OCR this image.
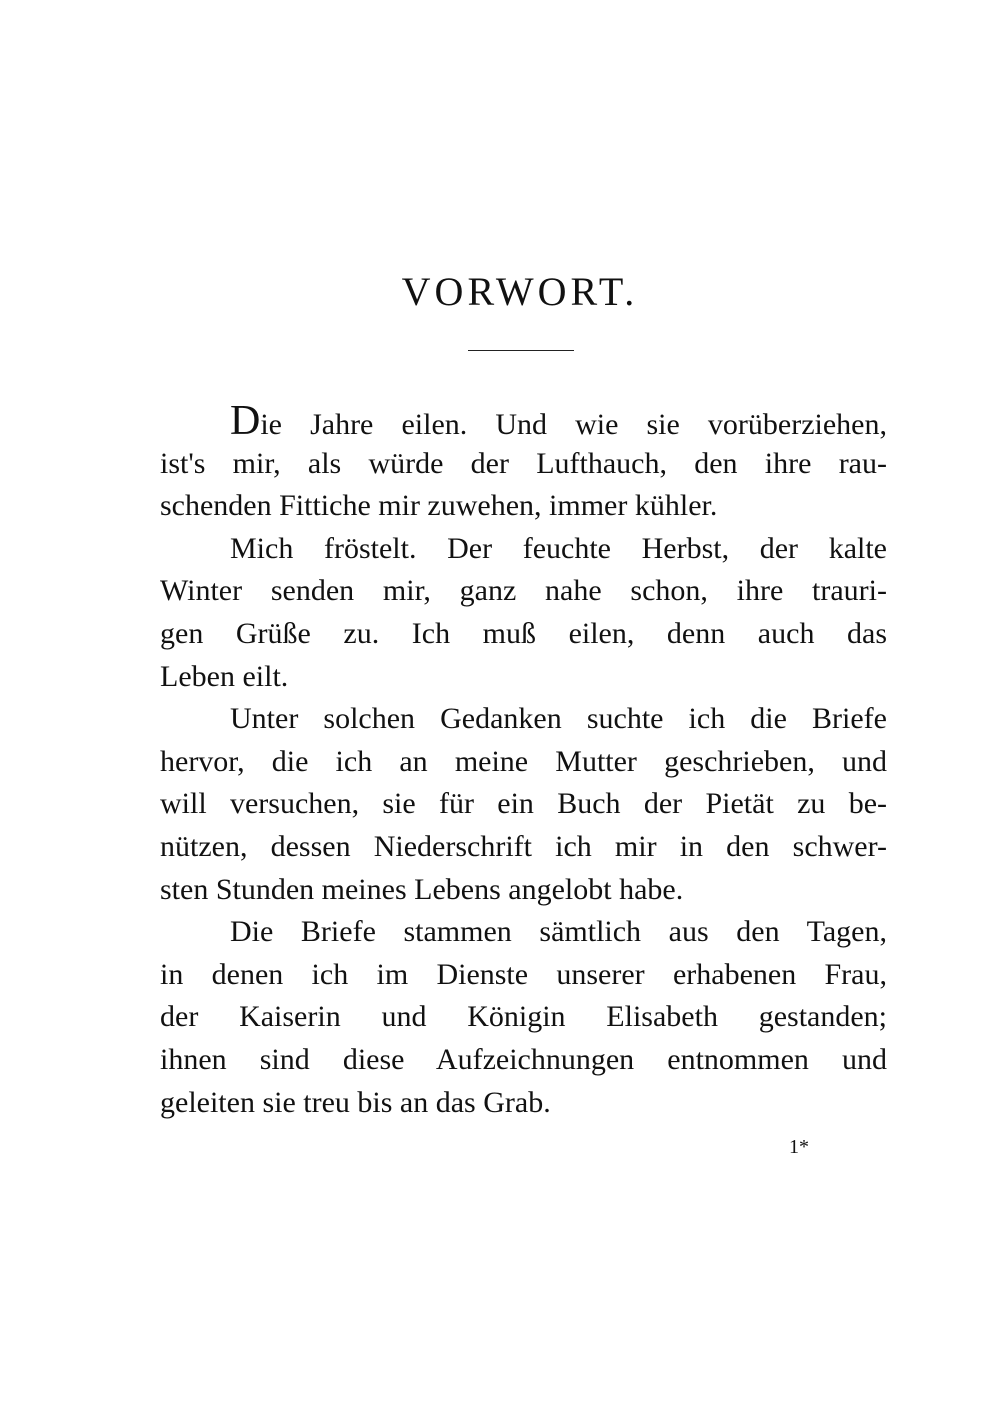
VORWORT.
Die Jahre eilen. Und wie sie vorüberziehen,
ist's mir, als würde der Lufthauch, den ihre rau-
schenden Fittiche mir zuwehen, immer kühler.
Mich fröstelt. Der feuchte Herbst, der kalte
Winter senden mir, ganz nahe schon, ihre trauri-
gen Grüße zu. Ich muß eilen, denn auch das
Leben eilt.
Unter solchen Gedanken suchte ich die Briefe
hervor, die ich an meine Mutter geschrieben, und
will versuchen, sie für ein Buch der Pietät zu be-
nützen, dessen Niederschrift ich mir in den schwer-
sten Stunden meines Lebens angelobt habe.
Die Briefe stammen sämtlich aus den Tagen,
in denen ich im Dienste unserer erhabenen Frau,
der Kaiserin und Königin Elisabeth gestanden;
ihnen sind diese Aufzeichnungen entnommen und
geleiten sie treu bis an das Grab.
1*
